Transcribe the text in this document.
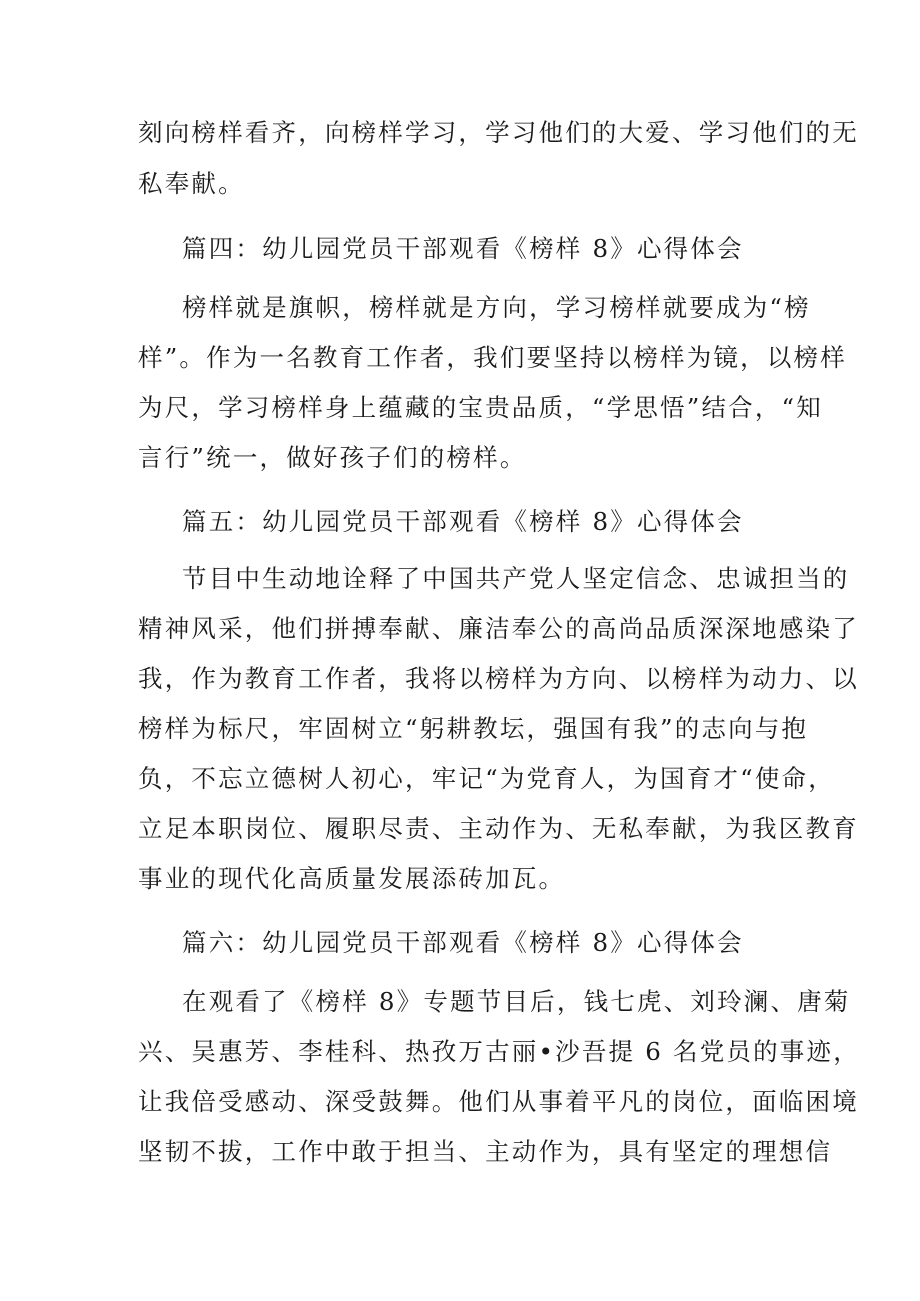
刻向榜样看齐，向榜样学习，学习他们的大爱、学习他们的无
私奉献。
篇四：幼儿园党员干部观看《榜样 8》心得体会
榜样就是旗帜，榜样就是方向，学习榜样就要成为“榜
样”。作为一名教育工作者，我们要坚持以榜样为镜，以榜样
为尺，学习榜样身上蕴藏的宝贵品质，“学思悟”结合，“知
言行”统一，做好孩子们的榜样。
篇五：幼儿园党员干部观看《榜样 8》心得体会
节目中生动地诠释了中国共产党人坚定信念、忠诚担当的
精神风采，他们拼搏奉献、廉洁奉公的高尚品质深深地感染了
我，作为教育工作者，我将以榜样为方向、以榜样为动力、以
榜样为标尺，牢固树立“躬耕教坛，强国有我”的志向与抱
负，不忘立德树人初心，牢记“为党育人，为国育才“使命，
立足本职岗位、履职尽责、主动作为、无私奉献，为我区教育
事业的现代化高质量发展添砖加瓦。
篇六：幼儿园党员干部观看《榜样 8》心得体会
在观看了《榜样 8》专题节目后，钱七虎、刘玲澜、唐菊
兴、吴惠芳、李桂科、热孜万古丽•沙吾提 6 名党员的事迹，
让我倍受感动、深受鼓舞。他们从事着平凡的岗位，面临困境
坚韧不拔，工作中敢于担当、主动作为，具有坚定的理想信
